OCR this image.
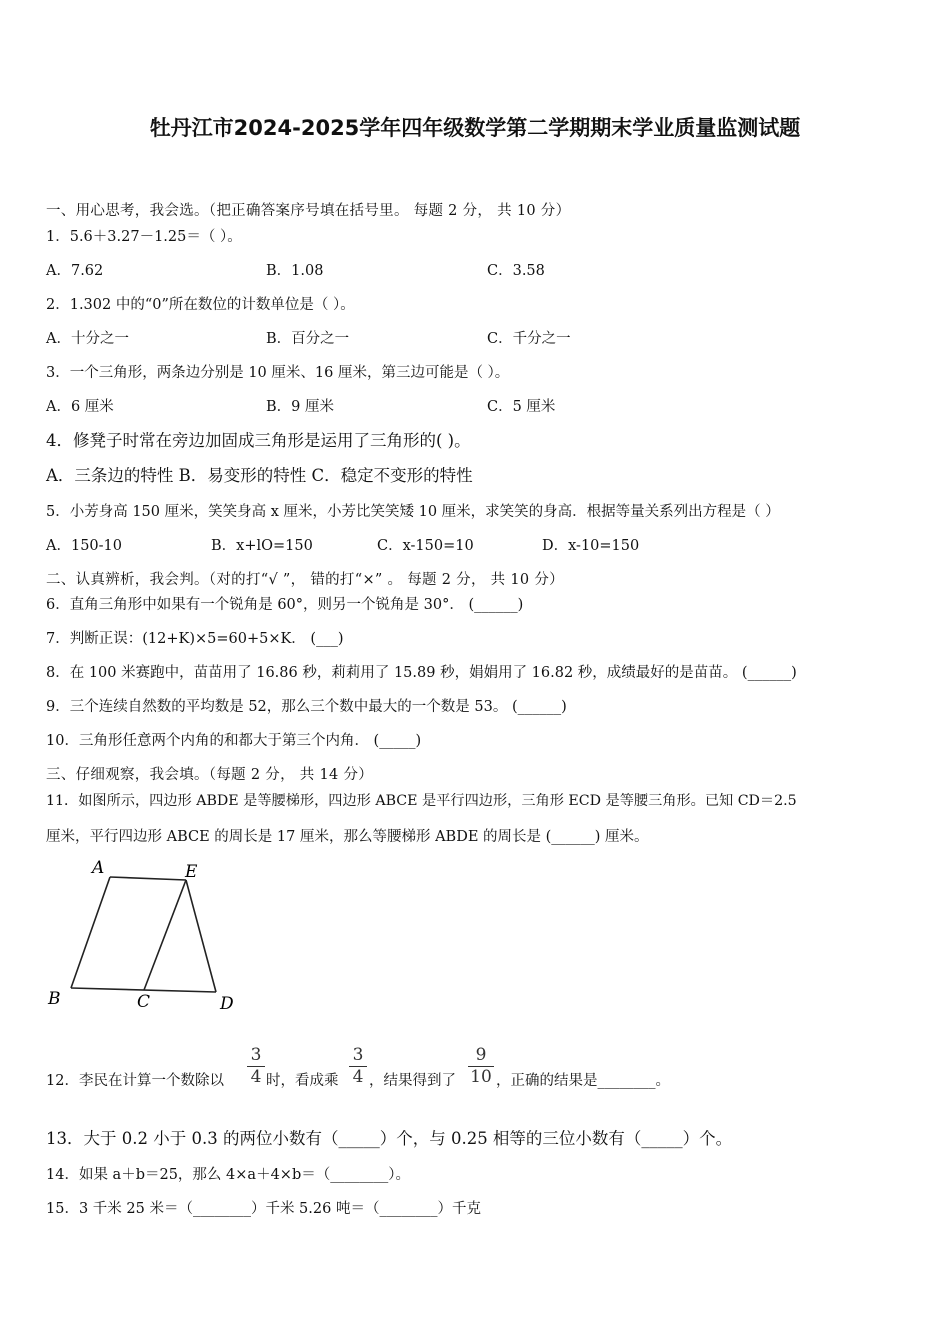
牡丹江市2024-2025学年四年级数学第二学期期末学业质量监测试题
一、用心思考，我会选。（把正确答案序号填在括号里。 每题 2 分， 共 10 分）
1．5.6＋3.27－1.25＝（ ）。
A．7.62	B．1.08	C．3.58
2．1.302 中的“0”所在数位的计数单位是（ ）。
A．十分之一	B．百分之一	C．千分之一
3．一个三角形，两条边分别是 10 厘米、16 厘米，第三边可能是（ ）。
A．6 厘米	B．9 厘米	C．5 厘米
4．修凳子时常在旁边加固成三角形是运用了三角形的( )。
A．三条边的特性 B．易变形的特性 C．稳定不变形的特性
5．小芳身高 150 厘米，笑笑身高 x 厘米，小芳比笑笑矮 10 厘米，求笑笑的身高．根据等量关系列出方程是（ ）
A．150-10	B．x+lO=150	C．x-150=10	D．x-10=150
二、认真辨析，我会判。（对的打“√ ”， 错的打“×” 。 每题 2 分， 共 10 分）
6．直角三角形中如果有一个锐角是 60°，则另一个锐角是 30°． (______)
7．判断正误：(12+K)×5=60+5×K． (___)
8．在 100 米赛跑中，苗苗用了 16.86 秒，莉莉用了 15.89 秒，娟娟用了 16.82 秒，成绩最好的是苗苗。 (______)
9．三个连续自然数的平均数是 52，那么三个数中最大的一个数是 53。 (______)
10．三角形任意两个内角的和都大于第三个内角． (_____)
三、仔细观察，我会填。（每题 2 分， 共 14 分）
11．如图所示，四边形 ABDE 是等腰梯形，四边形 ABCE 是平行四边形，三角形 ECD 是等腰三角形。已知 CD＝2.5
厘米，平行四边形 ABCE 的周长是 17 厘米，那么等腰梯形 ABDE 的周长是 (______) 厘米。
A	E
B	C	D
12．李民在计算一个数除以
3
4 时，看成乘
3
4 ，结果得到了
9
10 ，正确的结果是________。
13．大于 0.2 小于 0.3 的两位小数有（_____）个，与 0.25 相等的三位小数有（_____）个。
14．如果 a＋b＝25，那么 4×a＋4×b＝（________）。
15．3 千米 25 米＝（________）千米 5.26 吨＝（________）千克
